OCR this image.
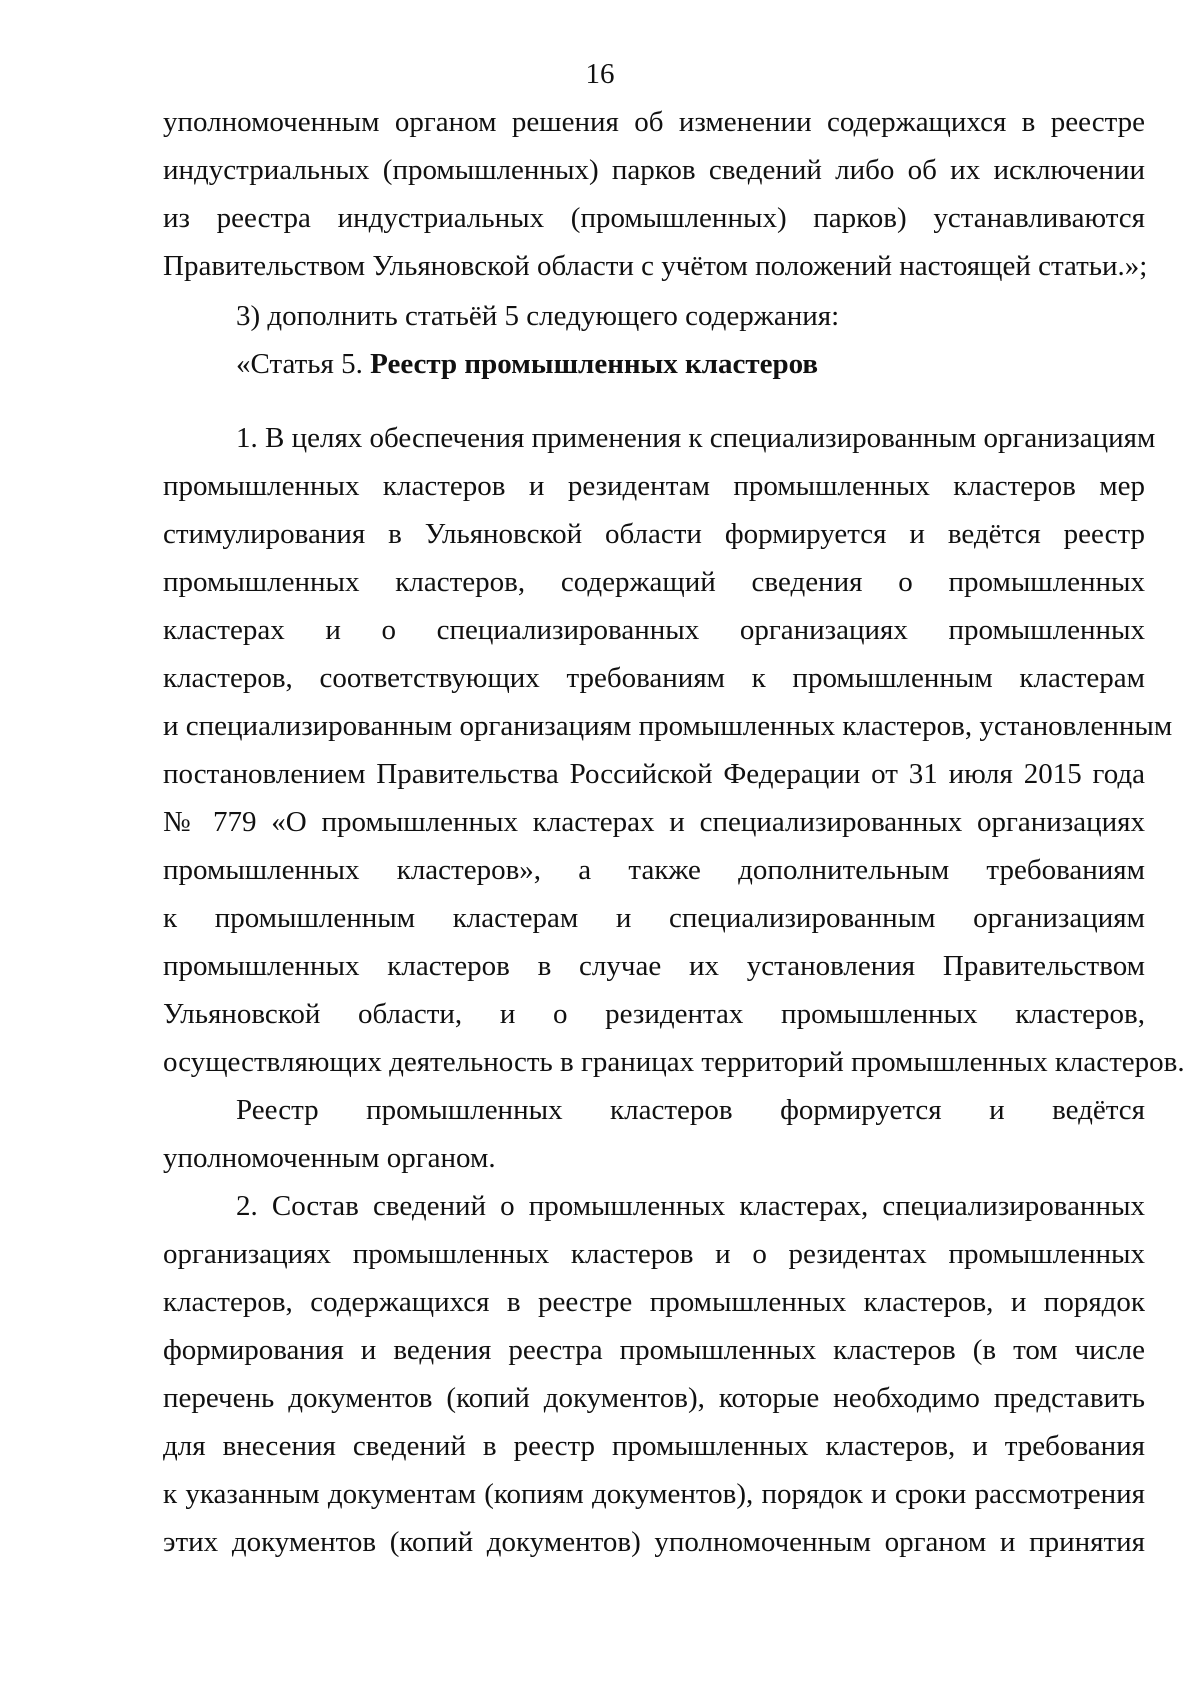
16
уполномоченным органом решения об изменении содержащихся в реестре
индустриальных (промышленных) парков сведений либо об их исключении
из реестра индустриальных (промышленных) парков) устанавливаются
Правительством Ульяновской области с учётом положений настоящей статьи.»;
3) дополнить статьёй 5 следующего содержания:
«Статья 5. Реестр промышленных кластеров
1. В целях обеспечения применения к специализированным организациям
промышленных кластеров и резидентам промышленных кластеров мер
стимулирования в Ульяновской области формируется и ведётся реестр
промышленных кластеров, содержащий сведения о промышленных
кластерах и о специализированных организациях промышленных
кластеров, соответствующих требованиям к промышленным кластерам
и специализированным организациям промышленных кластеров, установленным
постановлением Правительства Российской Федерации от 31 июля 2015 года
№ 779 «О промышленных кластерах и специализированных организациях
промышленных кластеров», а также дополнительным требованиям
к промышленным кластерам и специализированным организациям
промышленных кластеров в случае их установления Правительством
Ульяновской области, и о резидентах промышленных кластеров,
осуществляющих деятельность в границах территорий промышленных кластеров.
Реестр промышленных кластеров формируется и ведётся
уполномоченным органом.
2. Состав сведений о промышленных кластерах, специализированных
организациях промышленных кластеров и о резидентах промышленных
кластеров, содержащихся в реестре промышленных кластеров, и порядок
формирования и ведения реестра промышленных кластеров (в том числе
перечень документов (копий документов), которые необходимо представить
для внесения сведений в реестр промышленных кластеров, и требования
к указанным документам (копиям документов), порядок и сроки рассмотрения
этих документов (копий документов) уполномоченным органом и принятия
